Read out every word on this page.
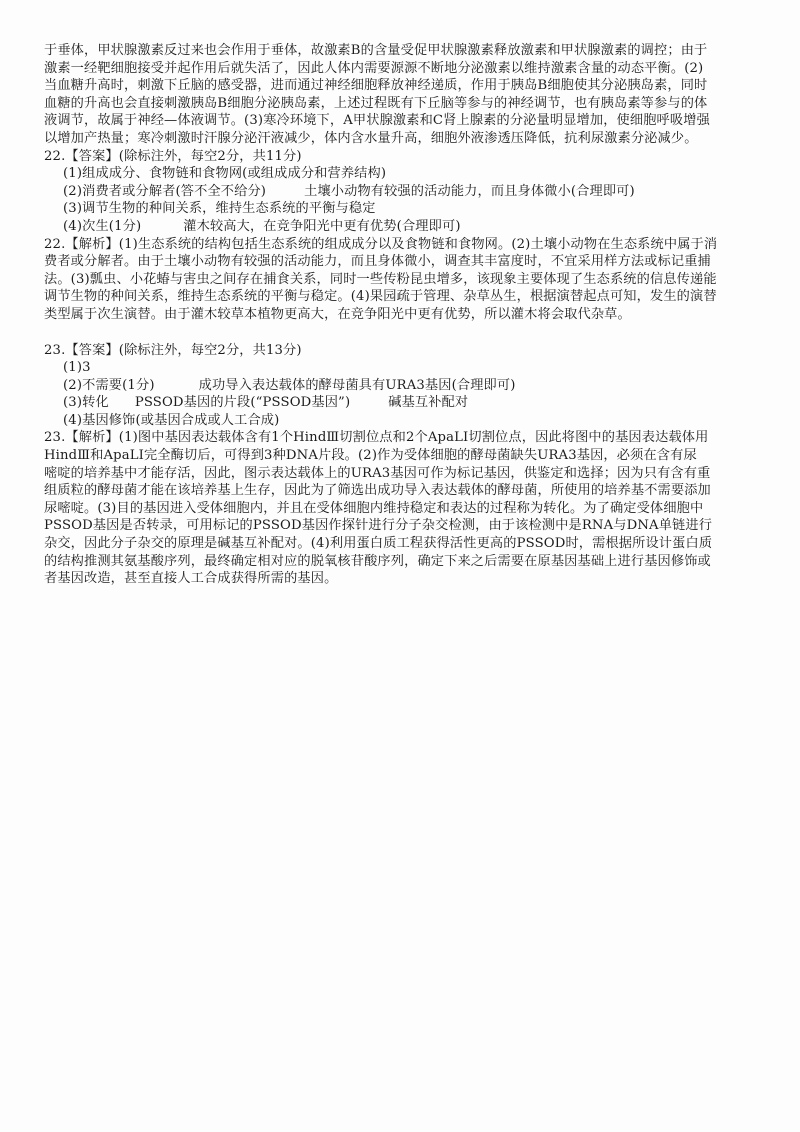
于垂体，甲状腺激素反过来也会作用于垂体，故激素B的含量受促甲状腺激素释放激素和甲状腺激素的调控；由于
激素一经靶细胞接受并起作用后就失活了，因此人体内需要源源不断地分泌激素以维持激素含量的动态平衡。(2)
当血糖升高时，刺激下丘脑的感受器，进而通过神经细胞释放神经递质，作用于胰岛B细胞使其分泌胰岛素，同时
血糖的升高也会直接刺激胰岛B细胞分泌胰岛素，上述过程既有下丘脑等参与的神经调节，也有胰岛素等参与的体
液调节，故属于神经—体液调节。(3)寒冷环境下，A甲状腺激素和C肾上腺素的分泌量明显增加，使细胞呼吸增强
以增加产热量；寒冷刺激时汗腺分泌汗液减少，体内含水量升高，细胞外液渗透压降低，抗利尿激素分泌减少。
22.【答案】(除标注外，每空2分，共11分)
(1)组成成分、食物链和食物网(或组成成分和营养结构)
(2)消费者或分解者(答不全不给分)	土壤小动物有较强的活动能力，而且身体微小(合理即可)
(3)调节生物的种间关系，维持生态系统的平衡与稳定
(4)次生(1分)	灌木较高大，在竞争阳光中更有优势(合理即可)
22.【解析】(1)生态系统的结构包括生态系统的组成成分以及食物链和食物网。(2)土壤小动物在生态系统中属于消
费者或分解者。由于土壤小动物有较强的活动能力，而且身体微小，调查其丰富度时，不宜采用样方法或标记重捕
法。(3)瓢虫、小花蝽与害虫之间存在捕食关系，同时一些传粉昆虫增多，该现象主要体现了生态系统的信息传递能
调节生物的种间关系，维持生态系统的平衡与稳定。(4)果园疏于管理、杂草丛生，根据演替起点可知，发生的演替
类型属于次生演替。由于灌木较草本植物更高大，在竞争阳光中更有优势，所以灌木将会取代杂草。
23.【答案】(除标注外，每空2分，共13分)
(1)3
(2)不需要(1分)	成功导入表达载体的酵母菌具有URA3基因(合理即可)
(3)转化 PSSOD基因的片段(“PSSOD基因”)	碱基互补配对
(4)基因修饰(或基因合成或人工合成)
23.【解析】(1)图中基因表达载体含有1个HindⅢ切割位点和2个ApaLⅠ切割位点，因此将图中的基因表达载体用
HindⅢ和ApaLⅠ完全酶切后，可得到3种DNA片段。(2)作为受体细胞的酵母菌缺失URA3基因，必须在含有尿
嘧啶的培养基中才能存活，因此，图示表达载体上的URA3基因可作为标记基因，供鉴定和选择；因为只有含有重
组质粒的酵母菌才能在该培养基上生存，因此为了筛选出成功导入表达载体的酵母菌，所使用的培养基不需要添加
尿嘧啶。(3)目的基因进入受体细胞内，并且在受体细胞内维持稳定和表达的过程称为转化。为了确定受体细胞中
PSSOD基因是否转录，可用标记的PSSOD基因作探针进行分子杂交检测，由于该检测中是RNA与DNA单链进行
杂交，因此分子杂交的原理是碱基互补配对。(4)利用蛋白质工程获得活性更高的PSSOD时，需根据所设计蛋白质
的结构推测其氨基酸序列，最终确定相对应的脱氧核苷酸序列，确定下来之后需要在原基因基础上进行基因修饰或
者基因改造，甚至直接人工合成获得所需的基因。
